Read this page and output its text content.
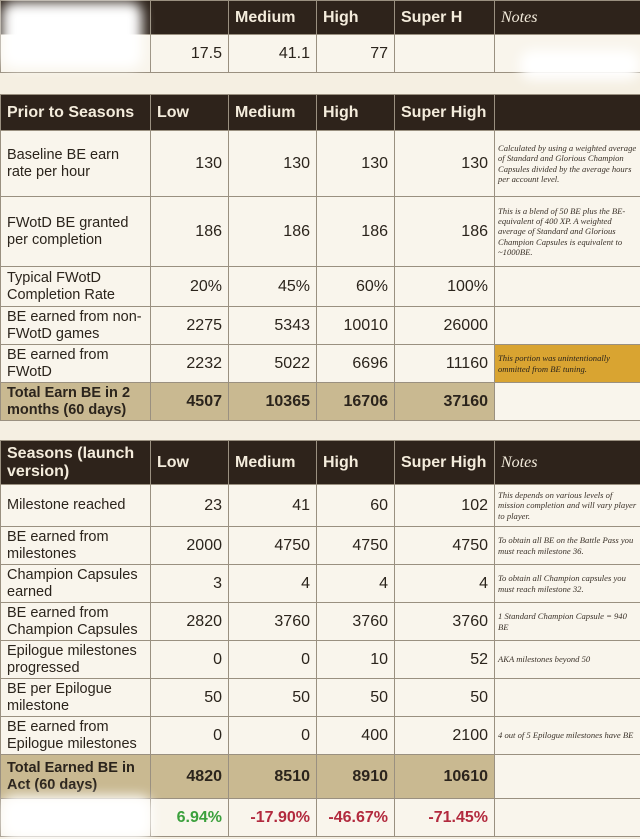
		Medium	High	Super H	Notes
	17.5	41.1	77		
Prior to Seasons	Low	Medium	High	Super High	
Baseline BE earn rate per hour	130	130	130	130	Calculated by using a weighted average of Standard and Glorious Champion Capsules divided by the average hours per account level.
FWotD BE granted per completion	186	186	186	186	This is a blend of 50 BE plus the BE-equivalent of 400 XP. A weighted average of Standard and Glorious Champion Capsules is equivalent to ~1000BE.
Typical FWotD Completion Rate	20%	45%	60%	100%	
BE earned from non-FWotD games	2275	5343	10010	26000	
BE earned from FWotD	2232	5022	6696	11160	This portion was unintentionally ommitted from BE tuning.
Total Earn BE in 2 months (60 days)	4507	10365	16706	37160	
Seasons (launch version)	Low	Medium	High	Super High	Notes
Milestone reached	23	41	60	102	This depends on various levels of mission completion and will vary player to player.
BE earned from milestones	2000	4750	4750	4750	To obtain all BE on the Battle Pass you must reach milestone 36.
Champion Capsules earned	3	4	4	4	To obtain all Champion capsules you must reach milestone 32.
BE earned from Champion Capsules	2820	3760	3760	3760	1 Standard Champion Capsule = 940 BE
Epilogue milestones progressed	0	0	10	52	AKA milestones beyond 50
BE per Epilogue milestone	50	50	50	50	
BE earned from Epilogue milestones	0	0	400	2100	4 out of 5 Epilogue milestones have BE
Total Earned BE in Act (60 days)	4820	8510	8910	10610	
	6.94%	-17.90%	-46.67%	-71.45%	
